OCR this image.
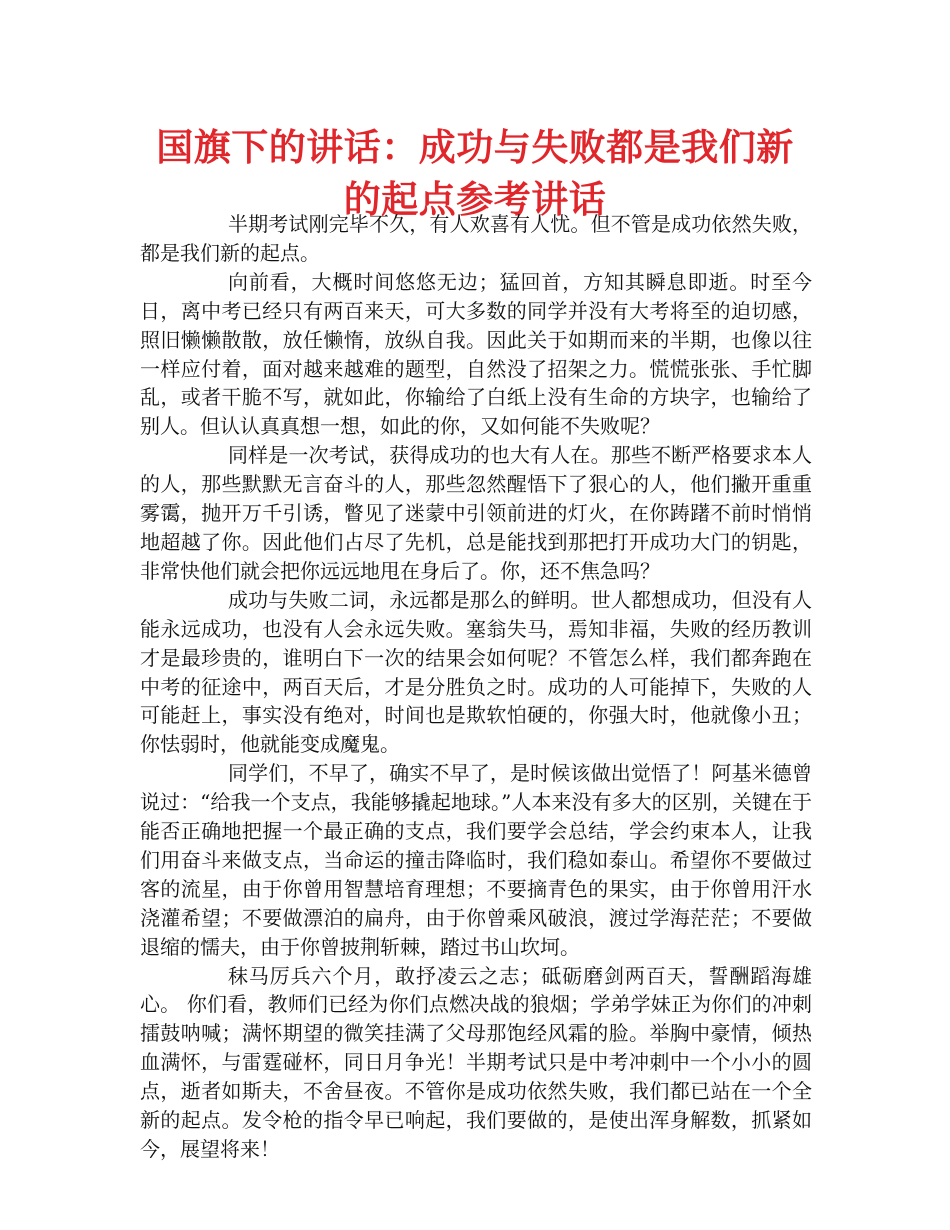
国旗下的讲话：成功与失败都是我们新的起点参考讲话

半期考试刚完毕不久，有人欢喜有人忧。但不管是成功依然失败，都是我们新的起点。

向前看，大概时间悠悠无边；猛回首，方知其瞬息即逝。时至今日，离中考已经只有两百来天，可大多数的同学并没有大考将至的迫切感，照旧懒懒散散，放任懒惰，放纵自我。因此关于如期而来的半期，也像以往一样应付着，面对越来越难的题型，自然没了招架之力。慌慌张张、手忙脚乱，或者干脆不写，就如此，你输给了白纸上没有生命的方块字，也输给了别人。但认认真真想一想，如此的你，又如何能不失败呢？

同样是一次考试，获得成功的也大有人在。那些不断严格要求本人的人，那些默默无言奋斗的人，那些忽然醒悟下了狠心的人，他们撇开重重雾霭，抛开万千引诱，瞥见了迷蒙中引领前进的灯火，在你踌躇不前时悄悄地超越了你。因此他们占尽了先机，总是能找到那把打开成功大门的钥匙，非常快他们就会把你远远地甩在身后了。你，还不焦急吗？

成功与失败二词，永远都是那么的鲜明。世人都想成功，但没有人能永远成功，也没有人会永远失败。塞翁失马，焉知非福，失败的经历教训才是最珍贵的，谁明白下一次的结果会如何呢？不管怎么样，我们都奔跑在中考的征途中，两百天后，才是分胜负之时。成功的人可能掉下，失败的人可能赶上，事实没有绝对，时间也是欺软怕硬的，你强大时，他就像小丑；你怯弱时，他就能变成魔鬼。

同学们，不早了，确实不早了，是时候该做出觉悟了！阿基米德曾说过：“给我一个支点，我能够撬起地球。”人本来没有多大的区别，关键在于能否正确地把握一个最正确的支点，我们要学会总结，学会约束本人，让我们用奋斗来做支点，当命运的撞击降临时，我们稳如泰山。希望你不要做过客的流星，由于你曾用智慧培育理想；不要摘青色的果实，由于你曾用汗水浇灌希望；不要做漂泊的扁舟，由于你曾乘风破浪，渡过学海茫茫；不要做退缩的懦夫，由于你曾披荆斩棘，踏过书山坎坷。

秣马厉兵六个月，敢抒凌云之志；砥砺磨剑两百天，誓酬蹈海雄心。 你们看，教师们已经为你们点燃决战的狼烟；学弟学妹正为你们的冲刺擂鼓呐喊；满怀期望的微笑挂满了父母那饱经风霜的脸。举胸中豪情，倾热血满怀，与雷霆碰杯，同日月争光！半期考试只是中考冲刺中一个小小的圆点，逝者如斯夫，不舍昼夜。不管你是成功依然失败，我们都已站在一个全新的起点。发令枪的指令早已响起，我们要做的，是使出浑身解数，抓紧如今，展望将来！
